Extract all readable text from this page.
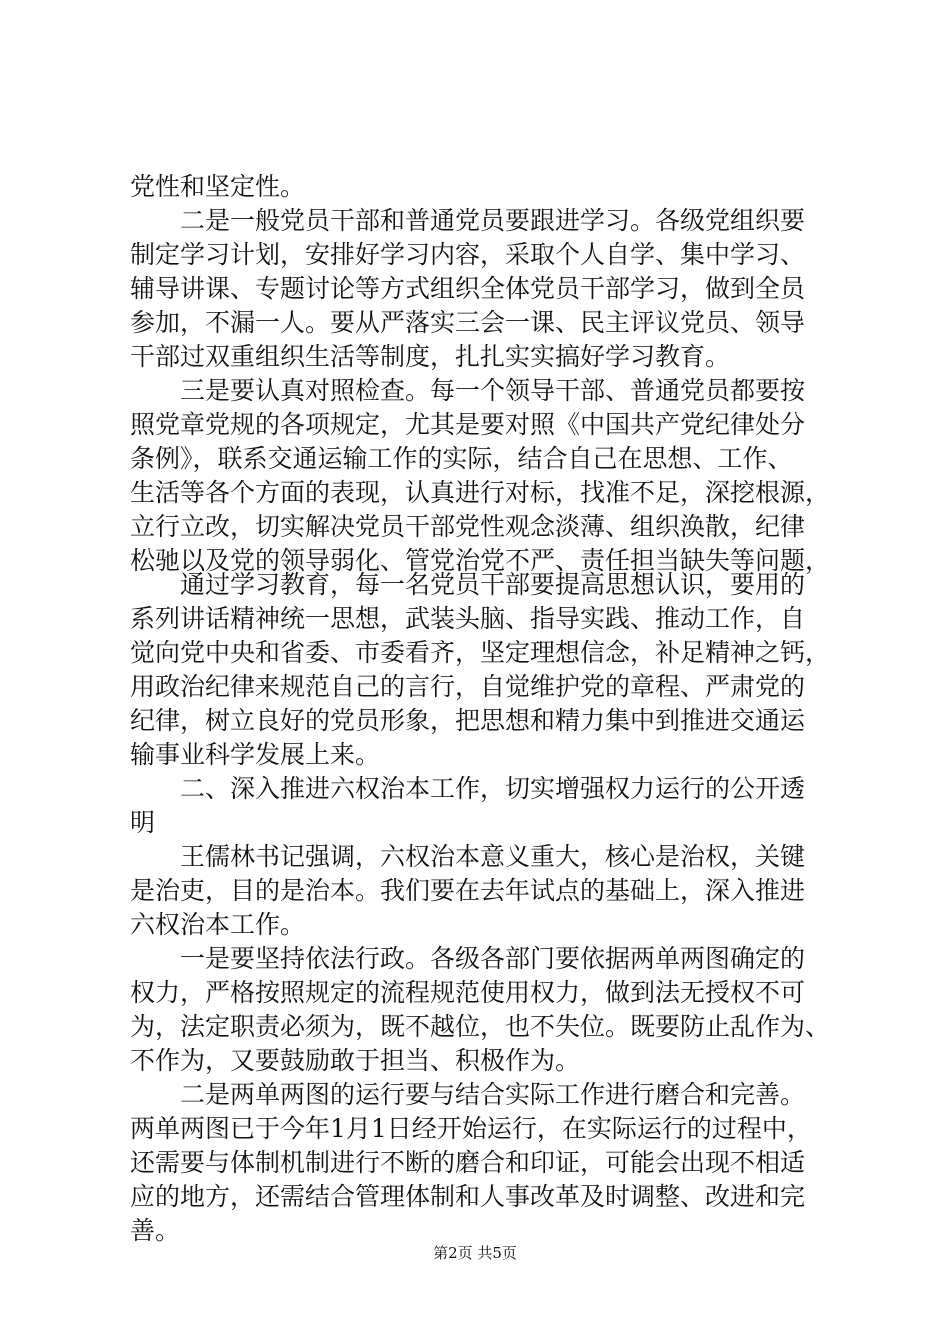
党性和坚定性。
二是一般党员干部和普通党员要跟进学习。各级党组织要
制定学习计划，安排好学习内容，采取个人自学、集中学习、
辅导讲课、专题讨论等方式组织全体党员干部学习，做到全员
参加，不漏一人。要从严落实三会一课、民主评议党员、领导
干部过双重组织生活等制度，扎扎实实搞好学习教育。
三是要认真对照检查。每一个领导干部、普通党员都要按
照党章党规的各项规定，尤其是要对照《中国共产党纪律处分
条例》，联系交通运输工作的实际，结合自己在思想、工作、
生活等各个方面的表现，认真进行对标，找准不足，深挖根源，
立行立改，切实解决党员干部党性观念淡薄、组织涣散，纪律
松驰以及党的领导弱化、管党治党不严、责任担当缺失等问题，
通过学习教育，每一名党员干部要提高思想认识，要用的
系列讲话精神统一思想，武装头脑、指导实践、推动工作，自
觉向党中央和省委、市委看齐，坚定理想信念，补足精神之钙，
用政治纪律来规范自己的言行，自觉维护党的章程、严肃党的
纪律，树立良好的党员形象，把思想和精力集中到推进交通运
输事业科学发展上来。
二、深入推进六权治本工作，切实增强权力运行的公开透
明
王儒林书记强调，六权治本意义重大，核心是治权，关键
是治吏，目的是治本。我们要在去年试点的基础上，深入推进
六权治本工作。
一是要坚持依法行政。各级各部门要依据两单两图确定的
权力，严格按照规定的流程规范使用权力，做到法无授权不可
为，法定职责必须为，既不越位，也不失位。既要防止乱作为、
不作为，又要鼓励敢于担当、积极作为。
二是两单两图的运行要与结合实际工作进行磨合和完善。
两单两图已于今年1月1日经开始运行，在实际运行的过程中，
还需要与体制机制进行不断的磨合和印证，可能会出现不相适
应的地方，还需结合管理体制和人事改革及时调整、改进和完
善。
第2页 共5页
